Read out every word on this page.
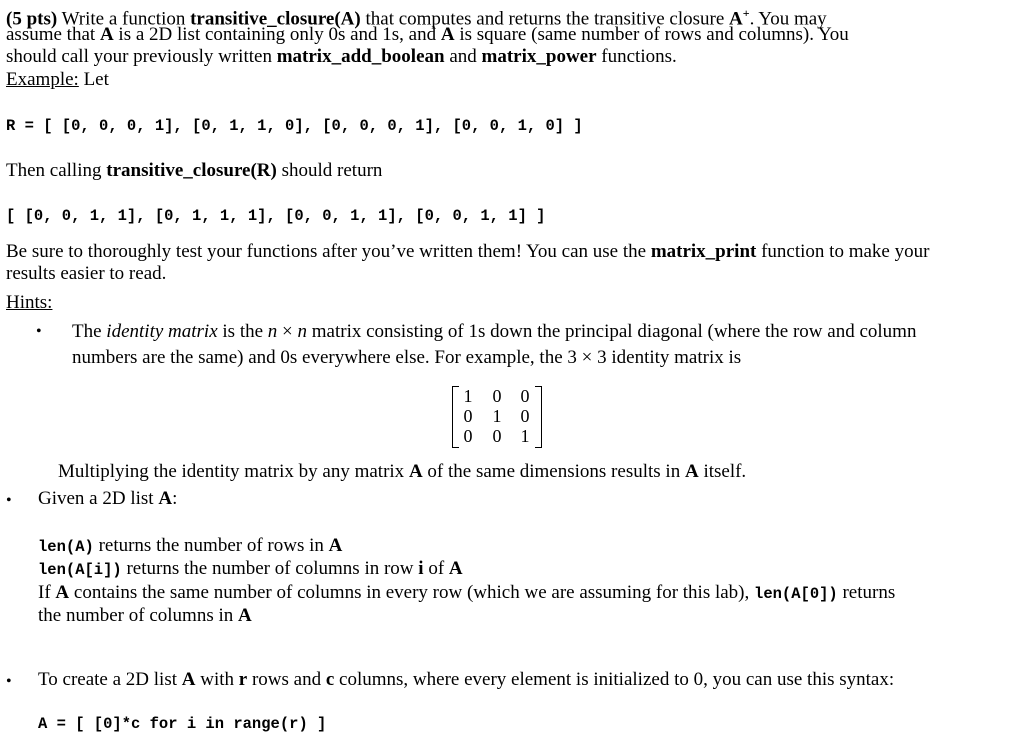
(5 pts) Write a function transitive_closure(A) that computes and returns the transitive closure A+. You may
assume that A is a 2D list containing only 0s and 1s, and A is square (same number of rows and columns). You
should call your previously written matrix_add_boolean and matrix_power functions.
Example: Let
R = [ [0, 0, 0, 1], [0, 1, 1, 0], [0, 0, 0, 1], [0, 0, 1, 0] ]
Then calling transitive_closure(R) should return
[ [0, 0, 1, 1], [0, 1, 1, 1], [0, 0, 1, 1], [0, 0, 1, 1] ]
Be sure to thoroughly test your functions after you’ve written them! You can use the matrix_print function to make your
results easier to read.
Hints:
• The identity matrix is the n × n matrix consisting of 1s down the principal diagonal (where the row and column
numbers are the same) and 0s everywhere else. For example, the 3 × 3 identity matrix is
1	0	0
0	1	0
0	0	1
Multiplying the identity matrix by any matrix A of the same dimensions results in A itself.
• Given a 2D list A:
len(A) returns the number of rows in A
len(A[i]) returns the number of columns in row i of A
If A contains the same number of columns in every row (which we are assuming for this lab), len(A[0]) returns
the number of columns in A
• To create a 2D list A with r rows and c columns, where every element is initialized to 0, you can use this syntax:
A = [ [0]*c for i in range(r) ]
